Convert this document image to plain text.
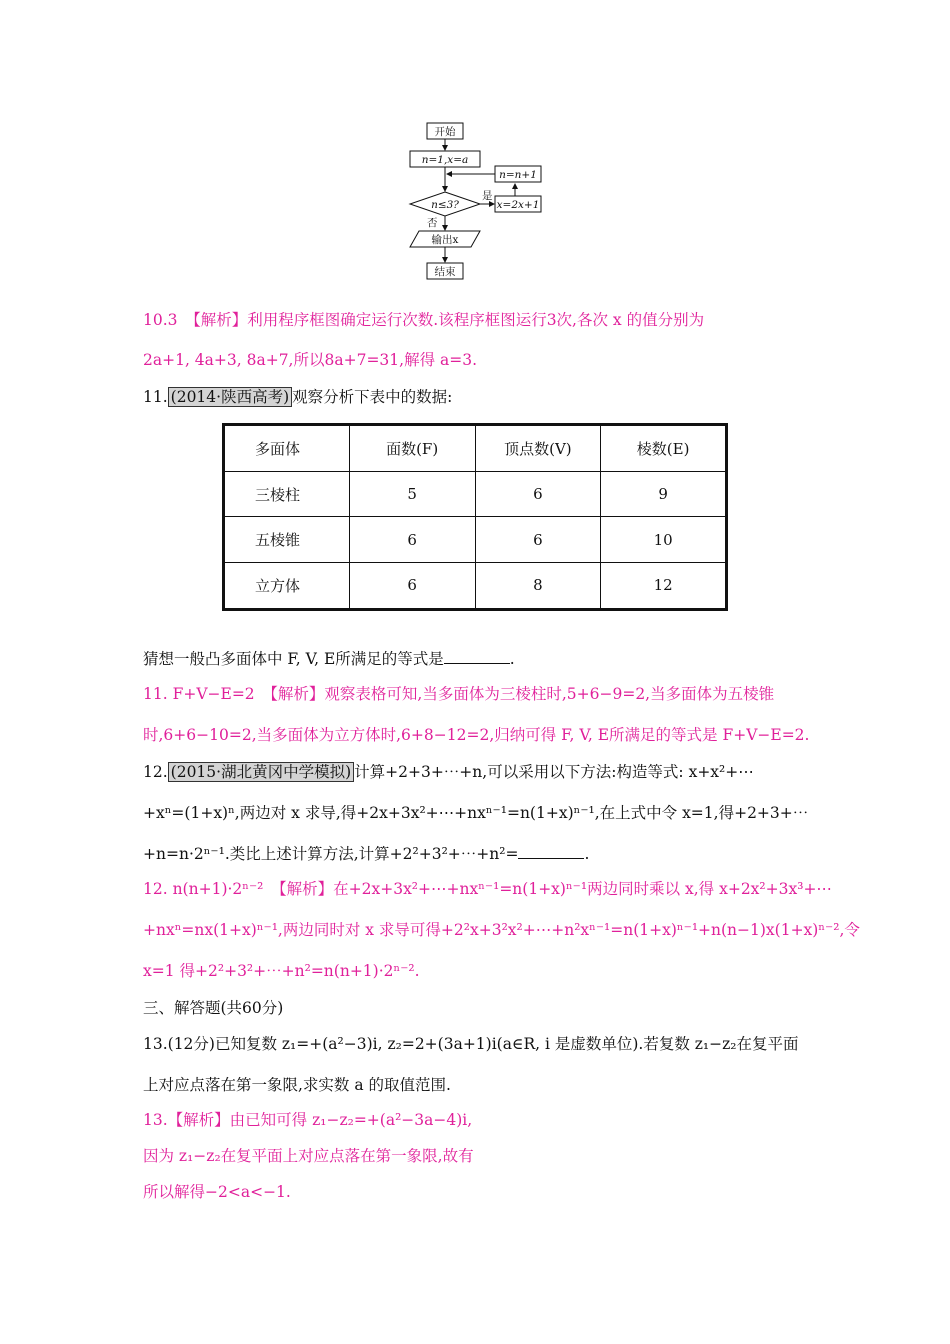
开始
n=1,x=a
n≤3?
是
x=2x+1
n=n+1
否
输出x
结束
10.3　【解析】利用程序框图确定运行次数.该程序框图运行3次,各次 x 的值分别为
2a+1, 4a+3, 8a+7,所以8a+7=31,解得 a=3.
11. (2014·陕西高考) 观察分析下表中的数据:
多面体	面数(F)	顶点数(V)	棱数(E)
三棱柱	5	6	9
五棱锥	6	6	10
立方体	6	8	12
猜想一般凸多面体中 F, V, E所满足的等式是	.
11. F+V−E=2　【解析】观察表格可知,当多面体为三棱柱时,5+6−9=2,当多面体为五棱锥
时,6+6−10=2,当多面体为立方体时,6+8−12=2,归纳可得 F, V, E所满足的等式是 F+V−E=2.
12. (2015·湖北黄冈中学模拟) 计算+2+3+⋯+n,可以采用以下方法:构造等式: x+x²+⋯
+xⁿ=(1+x)ⁿ,两边对 x 求导,得+2x+3x²+⋯+nxⁿ⁻¹=n(1+x)ⁿ⁻¹,在上式中令 x=1,得+2+3+⋯
+n=n·2ⁿ⁻¹.类比上述计算方法,计算+2²+3²+⋯+n²=	.
12. n(n+1)·2ⁿ⁻²　【解析】在+2x+3x²+⋯+nxⁿ⁻¹=n(1+x)ⁿ⁻¹两边同时乘以 x,得 x+2x²+3x³+⋯
+nxⁿ=nx(1+x)ⁿ⁻¹,两边同时对 x 求导可得+2²x+3²x²+⋯+n²xⁿ⁻¹=n(1+x)ⁿ⁻¹+n(n−1)x(1+x)ⁿ⁻²,令
x=1 得+2²+3²+⋯+n²=n(n+1)·2ⁿ⁻².
三、解答题(共60分)
13.(12分)已知复数 z₁=+(a²−3)i, z₂=2+(3a+1)i(a∈R, i 是虚数单位).若复数 z₁−z₂在复平面
上对应点落在第一象限,求实数 a 的取值范围.
13.【解析】由已知可得 z₁−z₂=+(a²−3a−4)i,
因为 z₁−z₂在复平面上对应点落在第一象限,故有
所以解得−2<a<−1.
